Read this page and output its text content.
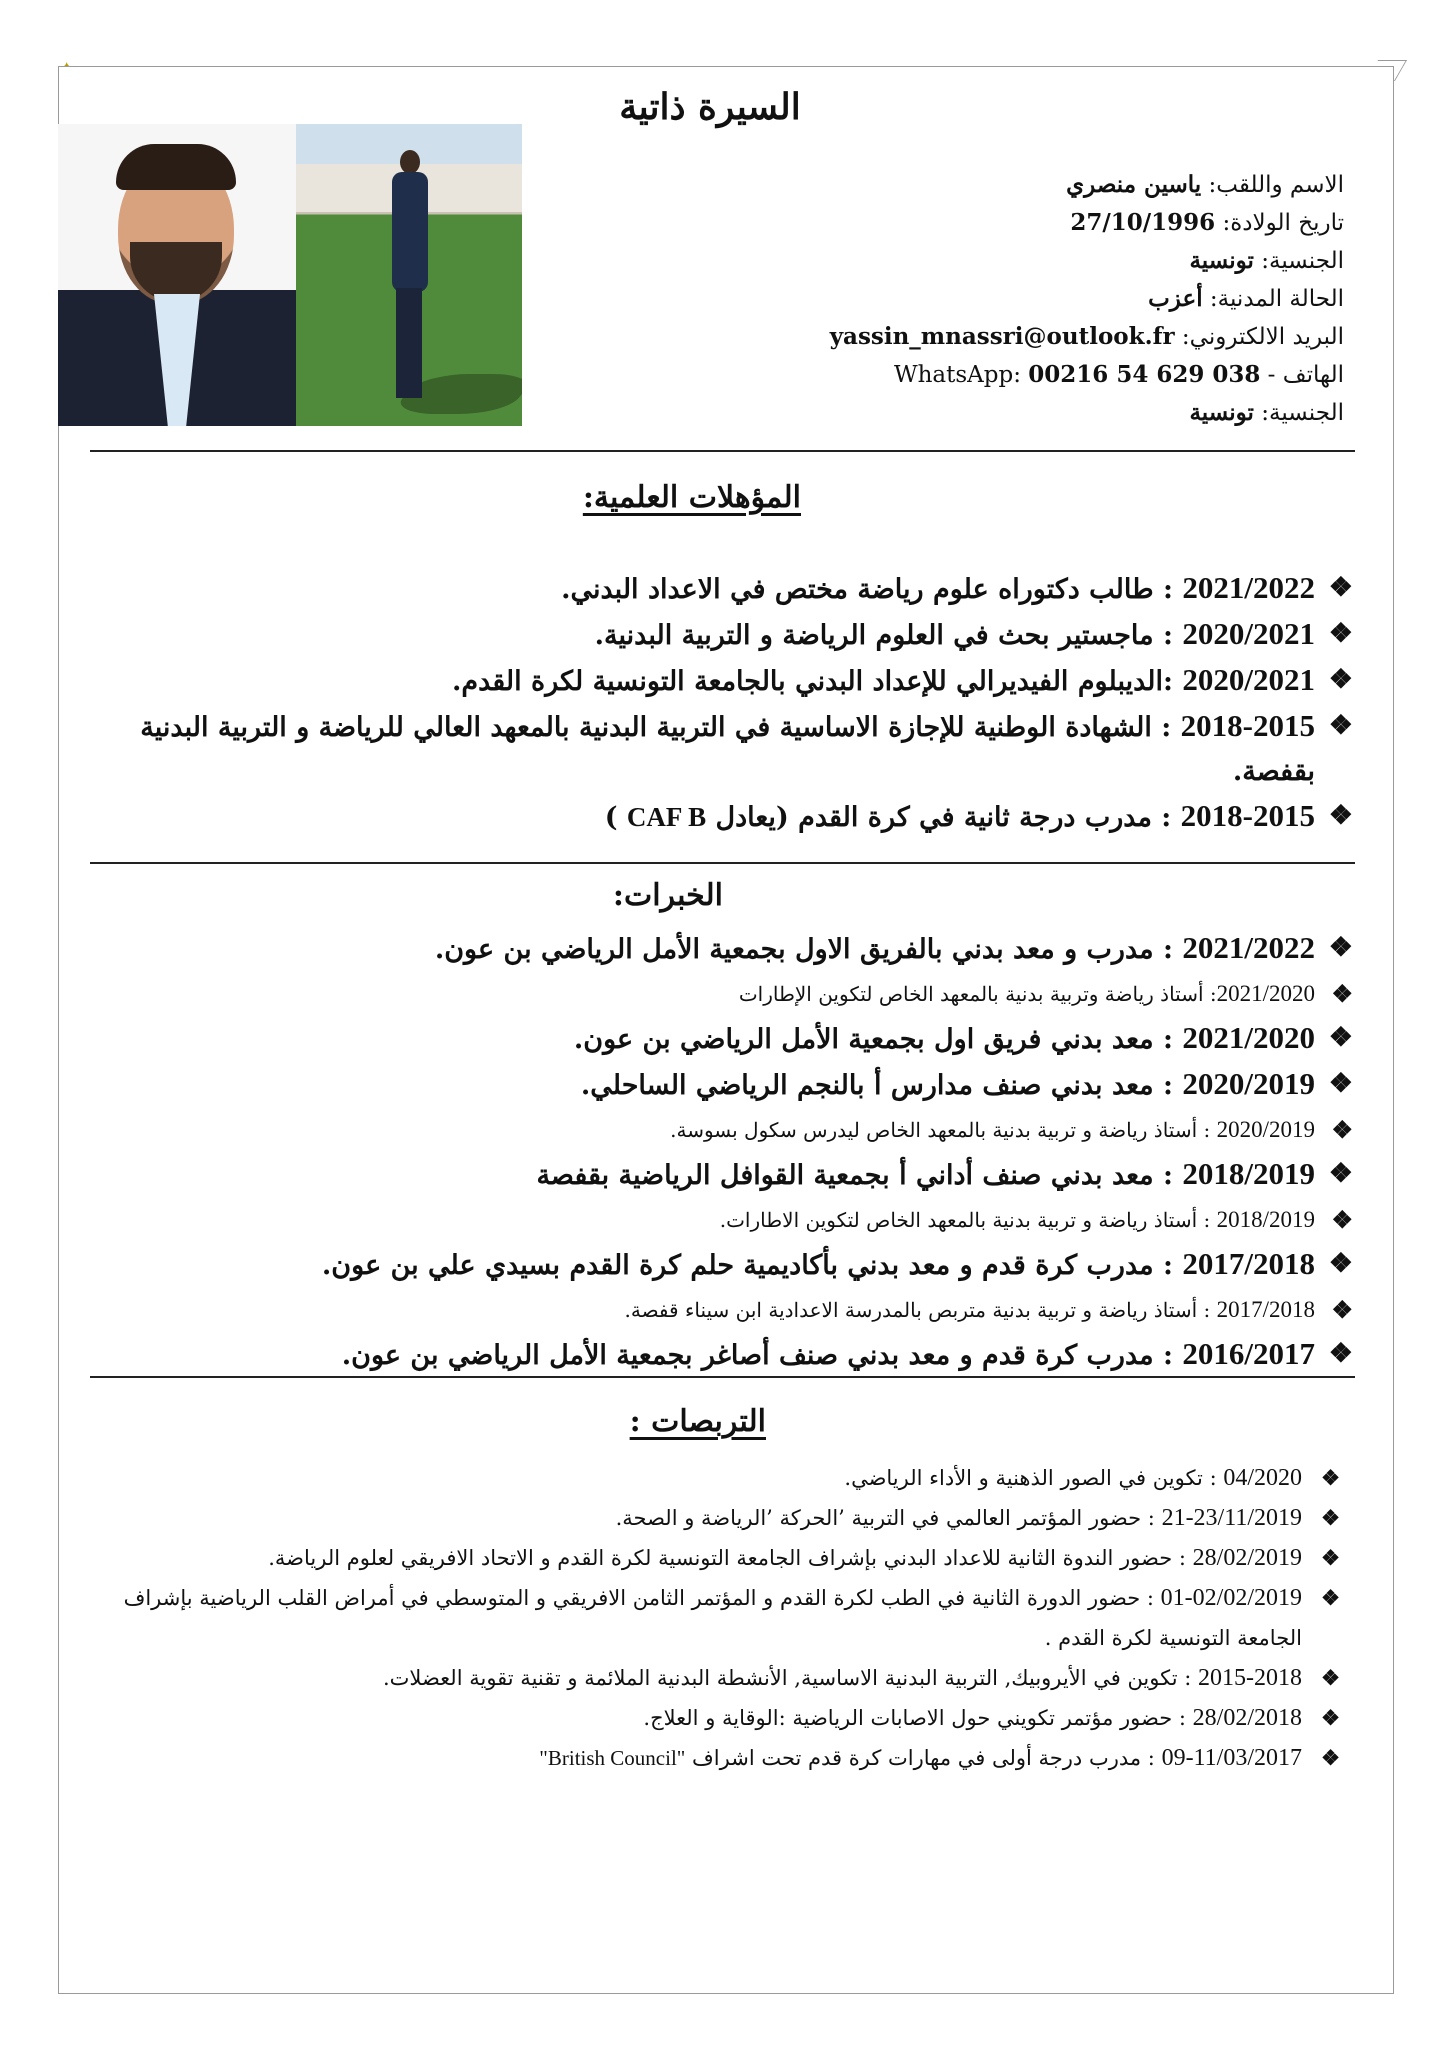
السيرة ذاتية
الاسم واللقب: ياسين منصري
تاريخ الولادة: 27/10/1996
الجنسية: تونسية
الحالة المدنية: أعزب
البريد الالكتروني: yassin_mnassri@outlook.fr
الهاتف - WhatsApp: 00216 54 629 038
الجنسية: تونسية
المؤهلات العلمية:
❖
2021/2022 : طالب دكتوراه علوم رياضة مختص في الاعداد البدني.
❖
2020/2021 : ماجستير بحث في العلوم الرياضة و التربية البدنية.
❖
2020/2021 :الديبلوم الفيديرالي للإعداد البدني بالجامعة التونسية لكرة القدم.
❖
2018-2015 : الشهادة الوطنية للإجازة الاساسية في التربية البدنية بالمعهد العالي للرياضة و التربية البدنية بقفصة.
❖
2018-2015 : مدرب درجة ثانية في كرة القدم (يعادل CAF B )
الخبرات:
❖
2021/2022 : مدرب و معد بدني بالفريق الاول بجمعية الأمل الرياضي بن عون.
❖
2021/2020: أستاذ رياضة وتربية بدنية بالمعهد الخاص لتكوين الإطارات
❖
2021/2020 : معد بدني فريق اول بجمعية الأمل الرياضي بن عون.
❖
2020/2019 : معد بدني صنف مدارس أ بالنجم الرياضي الساحلي.
❖
2020/2019 : أستاذ رياضة و تربية بدنية بالمعهد الخاص ليدرس سكول بسوسة.
❖
2018/2019 : معد بدني صنف أداني أ بجمعية القوافل الرياضية بقفصة
❖
2018/2019 : أستاذ رياضة و تربية بدنية بالمعهد الخاص لتكوين الاطارات.
❖
2017/2018 : مدرب كرة قدم و معد بدني بأكاديمية حلم كرة القدم بسيدي علي بن عون.
❖
2017/2018 : أستاذ رياضة و تربية بدنية متربص بالمدرسة الاعدادية ابن سيناء قفصة.
❖
2016/2017 : مدرب كرة قدم و معد بدني صنف أصاغر بجمعية الأمل الرياضي بن عون.
التربصات :
❖
04/2020 : تكوين في الصور الذهنية و الأداء الرياضي.
❖
21-23/11/2019 : حضور المؤتمر العالمي في التربية ’الحركة ’الرياضة و الصحة.
❖
28/02/2019 : حضور الندوة الثانية للاعداد البدني بإشراف الجامعة التونسية لكرة القدم و الاتحاد الافريقي لعلوم الرياضة.
❖
01-02/02/2019 : حضور الدورة الثانية في الطب لكرة القدم و المؤتمر الثامن الافريقي و المتوسطي في أمراض القلب الرياضية بإشراف الجامعة التونسية لكرة القدم .
❖
2015-2018 : تكوين في الأيروبيك, التربية البدنية الاساسية, الأنشطة البدنية الملائمة و تقنية تقوية العضلات.
❖
28/02/2018 : حضور مؤتمر تكويني حول الاصابات الرياضية :الوقاية و العلاج.
❖
09-11/03/2017 : مدرب درجة أولى في مهارات كرة قدم تحت اشراف "British Council"
